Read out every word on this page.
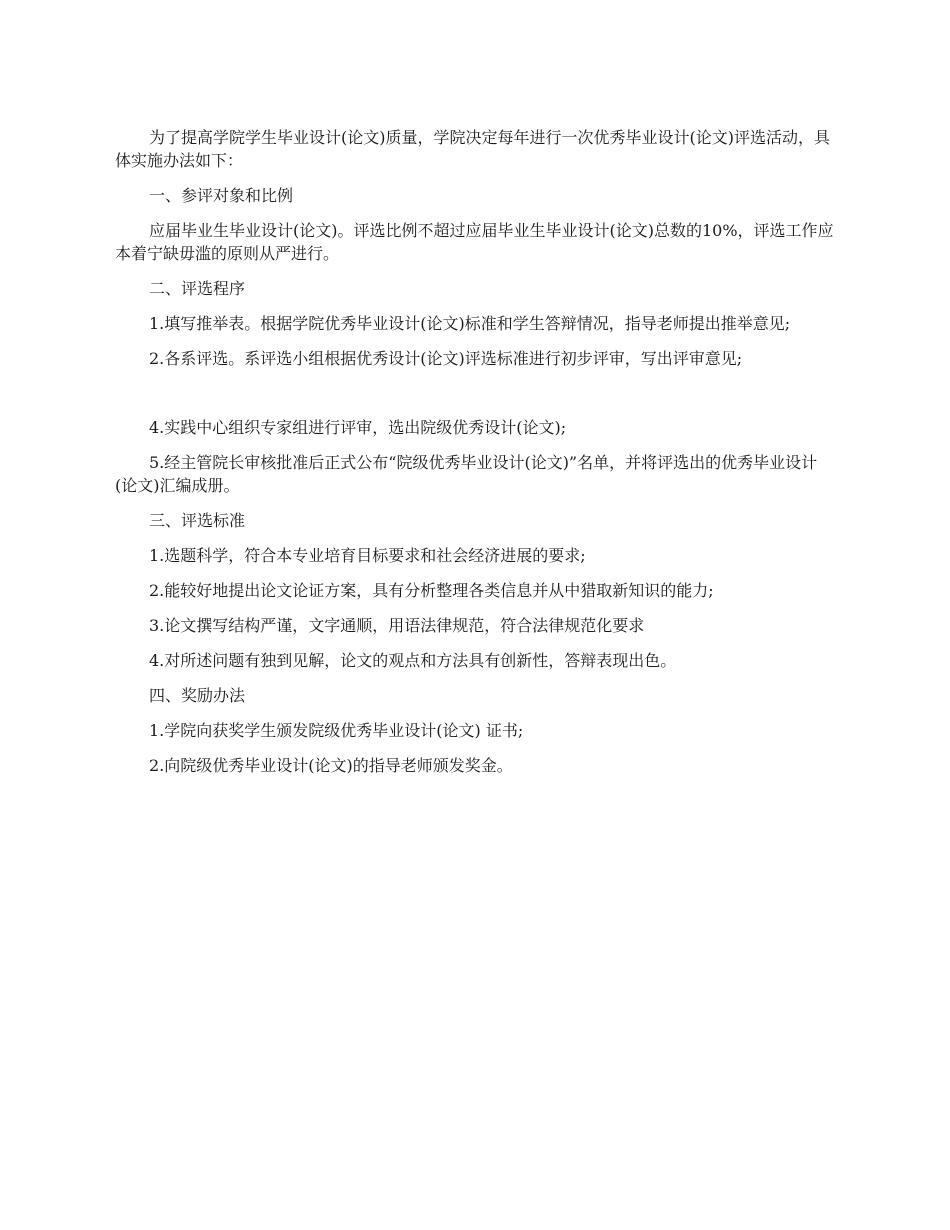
为了提高学院学生毕业设计(论文)质量，学院决定每年进行一次优秀毕业设计(论文)评选活动，具体实施办法如下：

一、参评对象和比例

应届毕业生毕业设计(论文)。评选比例不超过应届毕业生毕业设计(论文)总数的10%，评选工作应本着宁缺毋滥的原则从严进行。

二、评选程序

1.填写推举表。根据学院优秀毕业设计(论文)标准和学生答辩情况，指导老师提出推举意见;

2.各系评选。系评选小组根据优秀设计(论文)评选标准进行初步评审，写出评审意见;

4.实践中心组织专家组进行评审，选出院级优秀设计(论文);

5.经主管院长审核批准后正式公布“院级优秀毕业设计(论文)”名单，并将评选出的优秀毕业设计(论文)汇编成册。

三、评选标准

1.选题科学，符合本专业培育目标要求和社会经济进展的要求;

2.能较好地提出论文论证方案，具有分析整理各类信息并从中猎取新知识的能力;

3.论文撰写结构严谨，文字通顺，用语法律规范，符合法律规范化要求

4.对所述问题有独到见解，论文的观点和方法具有创新性，答辩表现出色。

四、奖励办法

1.学院向获奖学生颁发院级优秀毕业设计(论文) 证书;

2.向院级优秀毕业设计(论文)的指导老师颁发奖金。
